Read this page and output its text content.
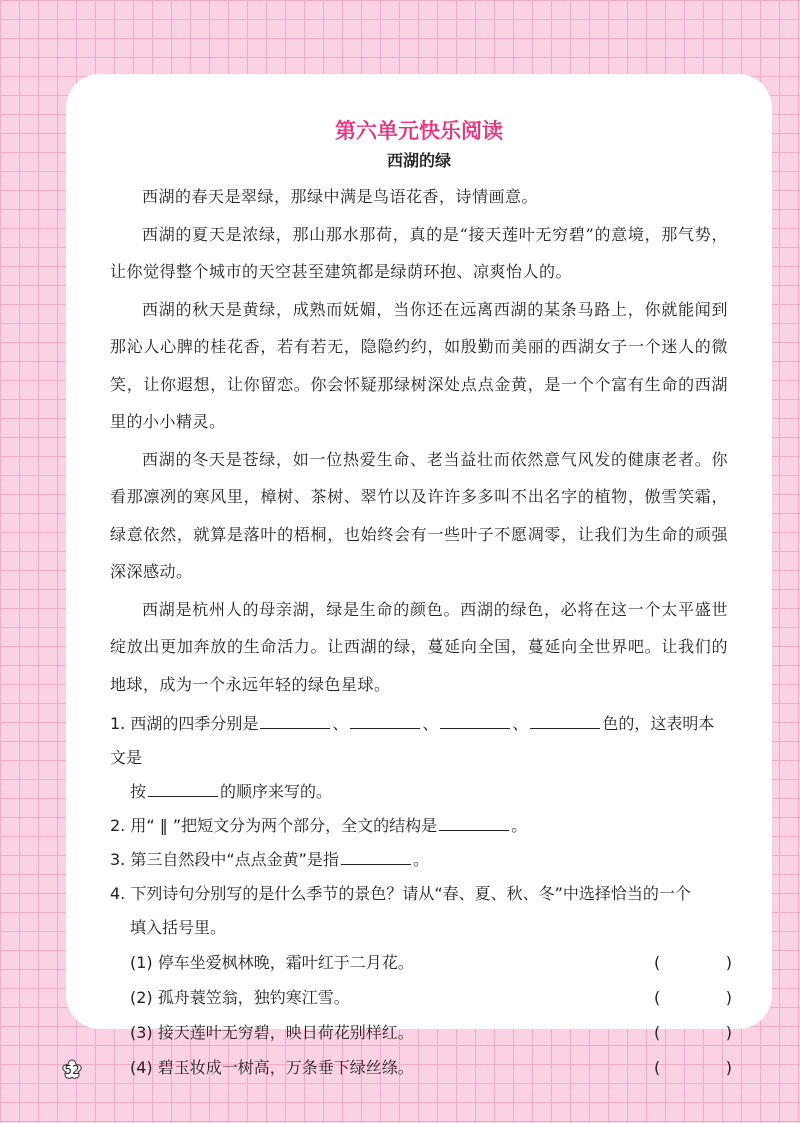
第六单元快乐阅读
西湖的绿

西湖的春天是翠绿，那绿中满是鸟语花香，诗情画意。

西湖的夏天是浓绿，那山那水那荷，真的是“接天莲叶无穷碧”的意境，那气势，让你觉得整个城市的天空甚至建筑都是绿荫环抱、凉爽怡人的。

西湖的秋天是黄绿，成熟而妩媚，当你还在远离西湖的某条马路上，你就能闻到那沁人心脾的桂花香，若有若无，隐隐约约，如殷勤而美丽的西湖女子一个迷人的微笑，让你遐想，让你留恋。你会怀疑那绿树深处点点金黄，是一个个富有生命的西湖里的小小精灵。

西湖的冬天是苍绿，如一位热爱生命、老当益壮而依然意气风发的健康老者。你看那凛冽的寒风里，樟树、茶树、翠竹以及许许多多叫不出名字的植物，傲雪笑霜，绿意依然，就算是落叶的梧桐，也始终会有一些叶子不愿凋零，让我们为生命的顽强深深感动。

西湖是杭州人的母亲湖，绿是生命的颜色。西湖的绿色，必将在这一个太平盛世绽放出更加奔放的生命活力。让西湖的绿，蔓延向全国，蔓延向全世界吧。让我们的地球，成为一个永远年轻的绿色星球。

1. 西湖的四季分别是	、	、	、	色的，这表明本文是

按	的顺序来写的。

2. 用“ ‖ ”把短文分为两个部分，全文的结构是	。

3. 第三自然段中“点点金黄”是指	。

4. 下列诗句分别写的是什么季节的景色？请从“春、夏、秋、冬”中选择恰当的一个

填入括号里。

(1) 停车坐爱枫林晚，霜叶红于二月花。	(	)

(2) 孤舟蓑笠翁，独钓寒江雪。	(	)

(3) 接天莲叶无穷碧，映日荷花别样红。	(	)

(4) 碧玉妆成一树高，万条垂下绿丝绦。	(	)

52
